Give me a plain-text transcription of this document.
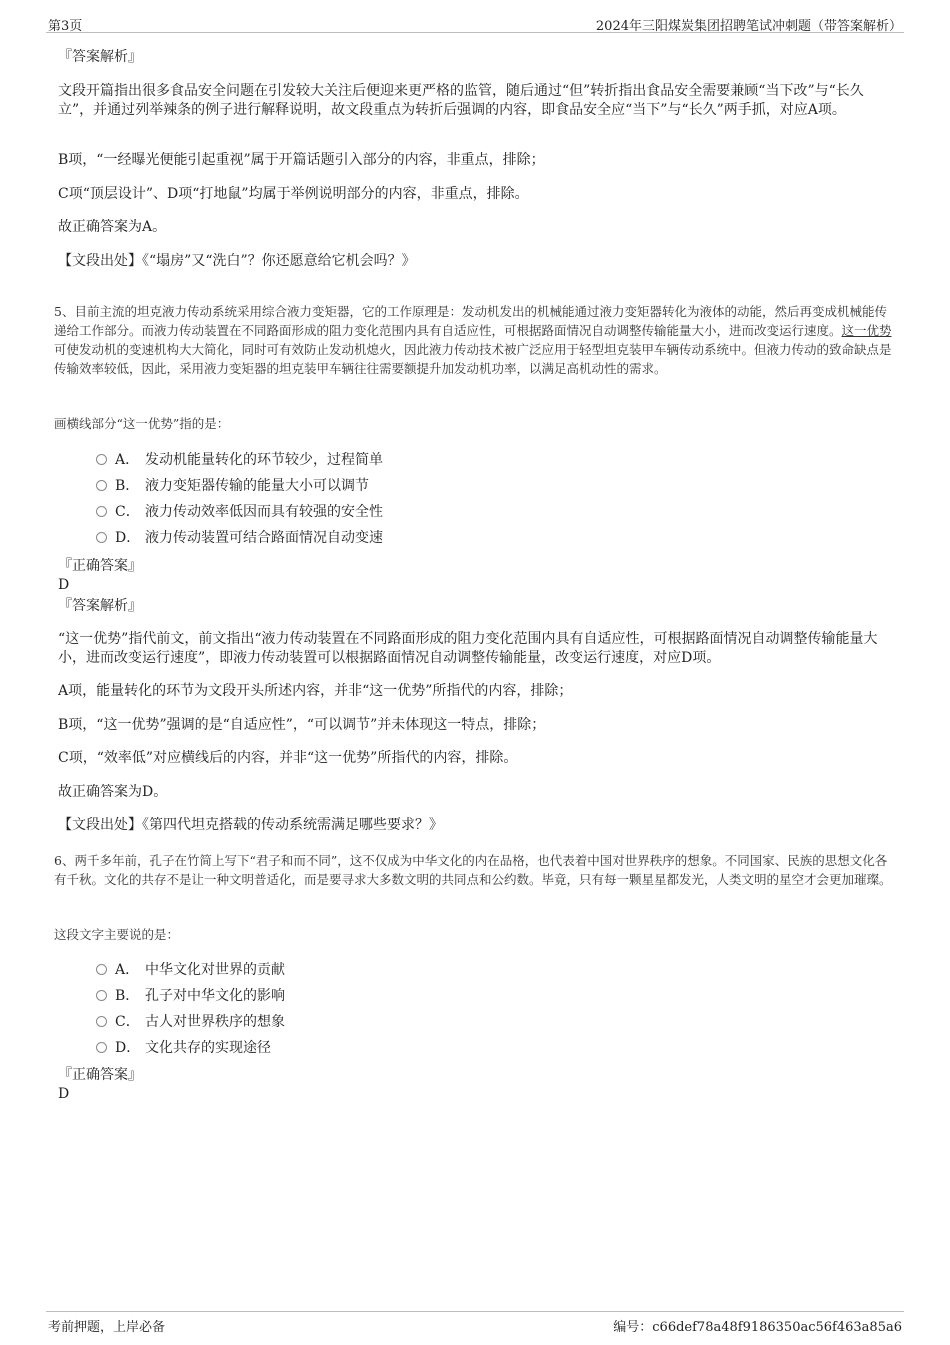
第3页	2024年三阳煤炭集团招聘笔试冲刺题（带答案解析）

『答案解析』

文段开篇指出很多食品安全问题在引发较大关注后便迎来更严格的监管，随后通过“但”转折指出食品安全需要兼顾“当下改”与“长久立”，并通过列举辣条的例子进行解释说明，故文段重点为转折后强调的内容，即食品安全应“当下”与“长久”两手抓，对应A项。

B项，“一经曝光便能引起重视”属于开篇话题引入部分的内容，非重点，排除；

C项“顶层设计”、D项“打地鼠”均属于举例说明部分的内容，非重点，排除。

故正确答案为A。

【文段出处】《“塌房”又“洗白”？你还愿意给它机会吗？》

5、目前主流的坦克液力传动系统采用综合液力变矩器，它的工作原理是：发动机发出的机械能通过液力变矩器转化为液体的动能，然后再变成机械能传递给工作部分。而液力传动装置在不同路面形成的阻力变化范围内具有自适应性，可根据路面情况自动调整传输能量大小，进而改变运行速度。这一优势可使发动机的变速机构大大简化，同时可有效防止发动机熄火，因此液力传动技术被广泛应用于轻型坦克装甲车辆传动系统中。但液力传动的致命缺点是传输效率较低，因此，采用液力变矩器的坦克装甲车辆往往需要额提升加发动机功率，以满足高机动性的需求。

画横线部分“这一优势”指的是：

A． 发动机能量转化的环节较少，过程简单
B． 液力变矩器传输的能量大小可以调节
C． 液力传动效率低因而具有较强的安全性
D． 液力传动装置可结合路面情况自动变速

『正确答案』

D

『答案解析』

“这一优势”指代前文，前文指出“液力传动装置在不同路面形成的阻力变化范围内具有自适应性，可根据路面情况自动调整传输能量大小，进而改变运行速度”，即液力传动装置可以根据路面情况自动调整传输能量，改变运行速度，对应D项。

A项，能量转化的环节为文段开头所述内容，并非“这一优势”所指代的内容，排除；

B项，“这一优势”强调的是“自适应性”，“可以调节”并未体现这一特点，排除；

C项，“效率低”对应横线后的内容，并非“这一优势”所指代的内容，排除。

故正确答案为D。

【文段出处】《第四代坦克搭载的传动系统需满足哪些要求？》

6、两千多年前，孔子在竹简上写下“君子和而不同”，这不仅成为中华文化的内在品格，也代表着中国对世界秩序的想象。不同国家、民族的思想文化各有千秋。文化的共存不是让一种文明普适化，而是要寻求大多数文明的共同点和公约数。毕竟，只有每一颗星星都发光，人类文明的星空才会更加璀璨。

这段文字主要说的是：

A． 中华文化对世界的贡献
B． 孔子对中华文化的影响
C． 古人对世界秩序的想象
D． 文化共存的实现途径

『正确答案』

D

考前押题，上岸必备	编号：c66def78a48f9186350ac56f463a85a6
